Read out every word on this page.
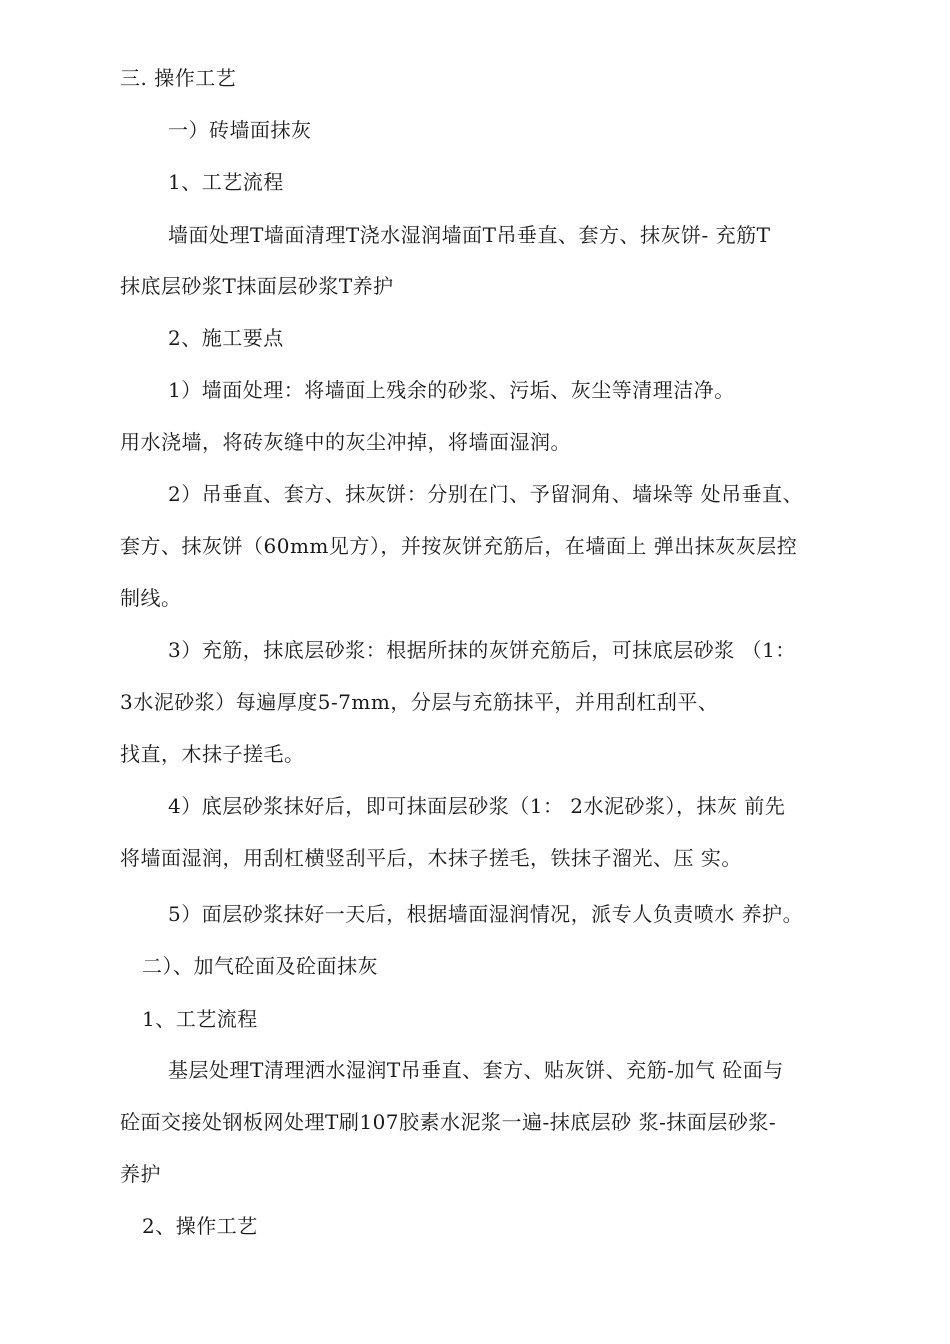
三. 操作工艺
一）砖墙面抹灰
1、工艺流程
墙面处理T墙面清理T浇水湿润墙面T吊垂直、套方、抹灰饼- 充筋T
抹底层砂浆T抹面层砂浆T养护
2、施工要点
1）墙面处理：将墙面上残余的砂浆、污垢、灰尘等清理洁净。
用水浇墙，将砖灰缝中的灰尘冲掉，将墙面湿润。
2）吊垂直、套方、抹灰饼：分别在门、予留洞角、墙垛等 处吊垂直、
套方、抹灰饼（60mm见方），并按灰饼充筋后，在墙面上 弹出抹灰灰层控
制线。
3）充筋，抹底层砂浆：根据所抹的灰饼充筋后，可抹底层砂浆 （1：
3水泥砂浆）每遍厚度5-7mm，分层与充筋抹平，并用刮杠刮平、
找直，木抹子搓毛。
4）底层砂浆抹好后，即可抹面层砂浆（1： 2水泥砂浆），抹灰 前先
将墙面湿润，用刮杠横竖刮平后，木抹子搓毛，铁抹子溜光、压 实。
5）面层砂浆抹好一天后，根据墙面湿润情况，派专人负责喷水 养护。
二）、加气砼面及砼面抹灰
1、工艺流程
基层处理T清理洒水湿润T吊垂直、套方、贴灰饼、充筋-加气 砼面与
砼面交接处钢板网处理T刷107胶素水泥浆一遍-抹底层砂 浆-抹面层砂浆-
养护
2、操作工艺
